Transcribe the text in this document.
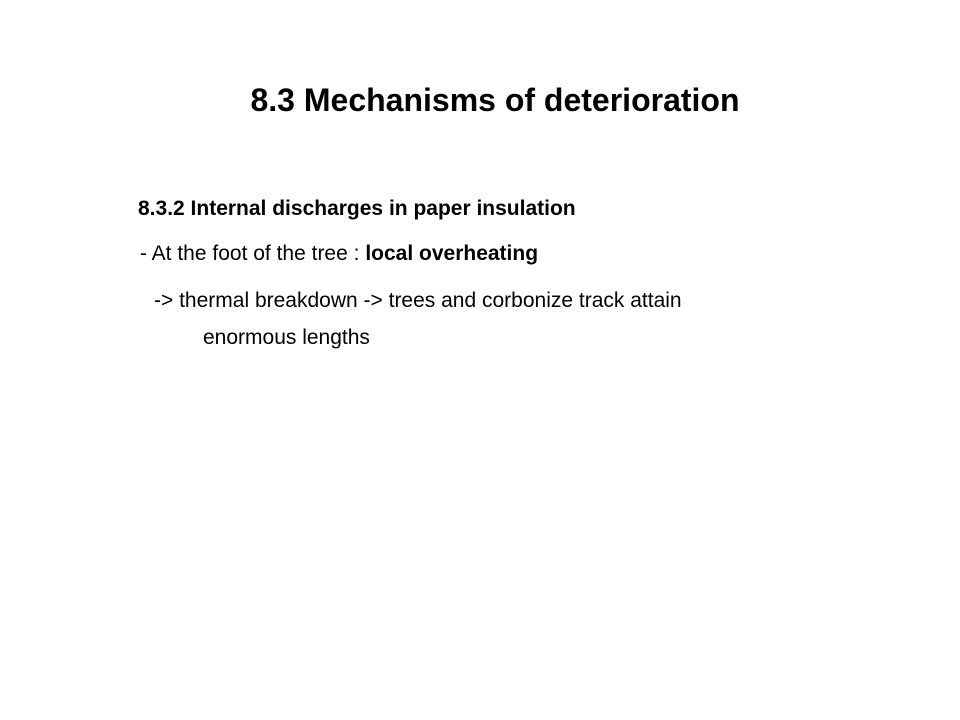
8.3 Mechanisms of deterioration
8.3.2 Internal discharges in paper insulation
- At the foot of the tree : local overheating
-> thermal breakdown -> trees and corbonize track attain
enormous lengths
